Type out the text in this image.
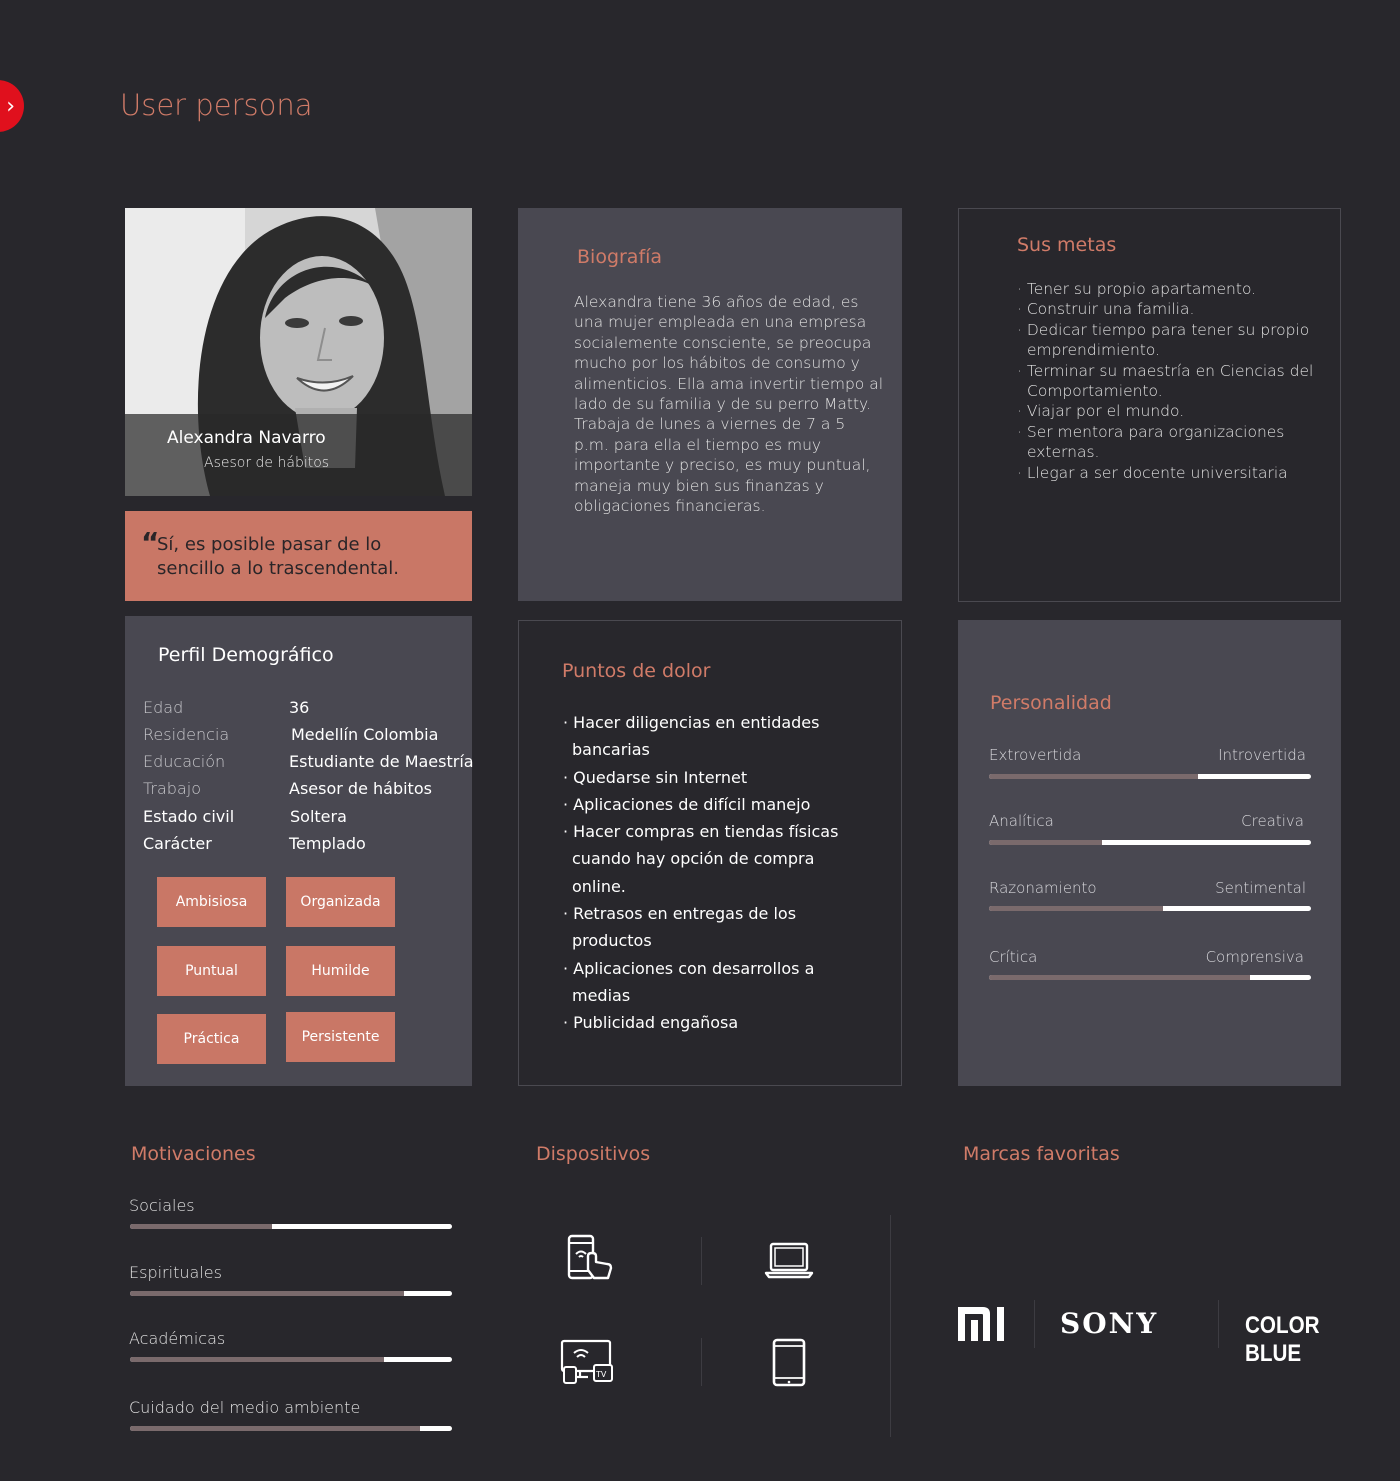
›	User persona
Alexandra Navarro
Asesor de hábitos
Sí, es posible pasar de lo sencillo a lo trascendental.
“
Biografía
Alexandra tiene 36 años de edad, es una mujer empleada en una empresa socialemente consciente, se preocupa mucho por los hábitos de consumo y alimenticios. Ella ama invertir tiempo al lado de su familia y de su perro Matty.
Trabaja de lunes a viernes de 7 a 5 p.m. para ella el tiempo es muy importante y preciso, es muy puntual, maneja muy bien sus finanzas y obligaciones financieras.
Sus metas
· Tener su propio apartamento.
· Construir una familia.
· Dedicar tiempo para tener su propio emprendimiento.
· Terminar su maestría en Ciencias del Comportamiento.
· Viajar por el mundo.
· Ser mentora para organizaciones externas.
· Llegar a ser docente universitaria
Perfil Demográfico
Edad	36
Residencia	Medellín Colombia
Educación	Estudiante de Maestría
Trabajo	Asesor de hábitos
Estado civil	Soltera
Carácter	Templado
Ambisiosa	Organizada
Puntual	Humilde
Práctica	Persistente
Puntos de dolor
· Hacer diligencias en entidades bancarias
· Quedarse sin Internet
· Aplicaciones de difícil manejo
· Hacer compras en tiendas físicas cuando hay opción de compra online.
· Retrasos en entregas de los productos
· Aplicaciones con desarrollos a medias
· Publicidad engañosa
Personalidad
Extrovertida	Introvertida
Analítica	Creativa
Razonamiento	Sentimental
Crítica	Comprensiva
Motivaciones
Sociales
Espirituales
Académicas
Cuidado del medio ambiente
Dispositivos
TV
Marcas favoritas
SONY	COLOR BLUE
